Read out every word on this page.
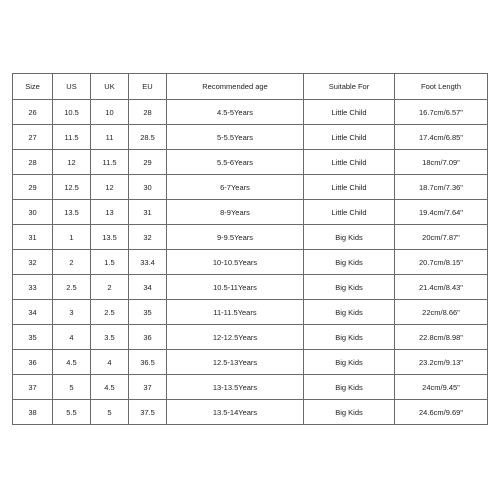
Size	US	UK	EU	Recommended age	Suitable For	Foot Length
26	10.5	10	28	4.5-5Years	Little Child	16.7cm/6.57"
27	11.5	11	28.5	5-5.5Years	Little Child	17.4cm/6.85"
28	12	11.5	29	5.5-6Years	Little Child	18cm/7.09"
29	12.5	12	30	6-7Years	Little Child	18.7cm/7.36"
30	13.5	13	31	8-9Years	Little Child	19.4cm/7.64"
31	1	13.5	32	9-9.5Years	Big Kids	20cm/7.87"
32	2	1.5	33.4	10-10.5Years	Big Kids	20.7cm/8.15"
33	2.5	2	34	10.5-11Years	Big Kids	21.4cm/8.43"
34	3	2.5	35	11-11.5Years	Big Kids	22cm/8.66"
35	4	3.5	36	12-12.5Years	Big Kids	22.8cm/8.98"
36	4.5	4	36.5	12.5-13Years	Big Kids	23.2cm/9.13"
37	5	4.5	37	13-13.5Years	Big Kids	24cm/9.45"
38	5.5	5	37.5	13.5-14Years	Big Kids	24.6cm/9.69"
